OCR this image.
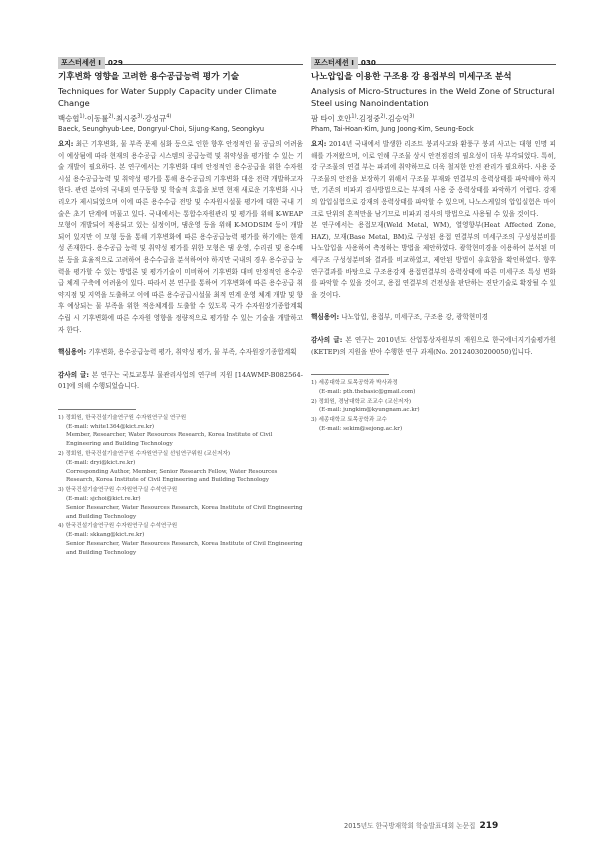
포스터세션 I 029
기후변화 영향을 고려한 용수공급능력 평가 기술
Techniques for Water Supply Capacity under Climate Change
백승협$^{1)}$·이동률$^{2)}$·최시중$^{3)}$·강성규$^{4)}$
Baeck, Seunghyub·Lee, Dongryul·Choi, Sijung·Kang, Seongkyu

요지: 최근 기후변화, 물 부족 문제 심화 등으로 인한 향후 안정적인 물 공급의 어려움이 예상됨에 따라 현재의 용수공급 시스템의 공급능력 및 취약성을 평가할 수 있는 기술 개발이 필요하다. 본 연구에서는 기후변화 대비 안정적인 용수공급을 위한 수자원시설 용수공급능력 및 취약성 평가를 통해 용수공급의 기후변화 대응 전략 개발하고자 한다. 관련 분야의 국내외 연구동향 및 학술적 흐름을 보면 현재 새로운 기후변화 시나리오가 제시되었으며 이에 따른 용수수급 전망 및 수자원시설물 평가에 대한 국내 기술은 초기 단계에 머물고 있다. 국내에서는 통합수자원관리 및 평가를 위해 K-WEAP 모형이 개발되어 적용되고 있는 실정이며, 댐운영 등을 위해 K-MODSIM 등이 개발되어 있지만 이 모형 등을 통해 기후변화에 따른 용수공급능력 평가를 하기에는 한계성 존재한다. 용수공급 능력 및 취약성 평가를 위한 모형은 댐 운영, 수리권 및 용수배분 등을 효율적으로 고려하여 용수수급을 분석하여야 하지만 국내의 경우 용수공급 능력을 평가할 수 있는 방법론 및 평가기술이 미비하여 기후변화 대비 안정적인 용수공급 체계 구축에 어려움이 있다. 따라서 본 연구를 통하여 기후변화에 따른 용수공급 취약지점 및 지역을 도출하고 이에 따른 용수공급시설물 최적 연계 운영 체계 개발 및 향후 예상되는 물 부족을 위한 적응체계를 도출할 수 있도록 국가 수자원장기종합계획 수립 시 기후변화에 따른 수자원 영향을 정량적으로 평가할 수 있는 기술을 개발하고자 한다.

핵심용어: 기후변화, 용수공급능력 평가, 취약성 평가, 물 부족, 수자원장기종합계획

감사의 글: 본 연구는 국토교통부 물관리사업의 연구비 지원 [14AWMP-B082564-01]에 의해 수행되었습니다.

1) 정회원, 한국건설기술연구원 수자원연구실 연구원
(E-mail: white1364@kict.re.kr)
Member, Researcher, Water Resources Research, Korea Institute of Civil Engineering and Building Technology
2) 정회원, 한국건설기술연구원 수자원연구실 선임연구위원 (교신저자)
(E-mail: dryi@kict.re.kr)
Corresponding Author, Member, Senior Research Fellow, Water Resources Research, Korea Institute of Civil Engineering and Building Technology
3) 한국건설기술연구원 수자원연구실 수석연구원
(E-mail: sjchoi@kict.re.kr)
Senior Researcher, Water Resources Research, Korea Institute of Civil Engineering and Building Technology
4) 한국건설기술연구원 수자원연구실 수석연구원
(E-mail: skkang@kict.re.kr)
Senior Researcher, Water Resources Research, Korea Institute of Civil Engineering and Building Technology
포스터세션 I 030
나노압입을 이용한 구조용 강 용접부의 미세구조 분석
Analysis of Micro-Structures in the Weld Zone of Structural Steel using Nanoindentation
팜 타이 호안$^{1)}$·김정중$^{2)}$·김승억$^{3)}$
Pham, Tai-Hoan·Kim, Jung Joong·Kim, Seung-Eock

요지: 2014년 국내에서 발생한 리조트 붕괴사고와 환풍구 붕괴 사고는 대형 인명 피해를 가져왔으며, 이로 인해 구조물 상시 안전점검의 필요성이 더욱 부각되었다. 특히, 강 구조물의 연결 부는 파괴에 취약하므로 더욱 철저한 안전 관리가 필요하다. 사용 중 구조물의 안전을 보장하기 위해서 구조물 부재와 연결부의 응력상태를 파악해야 하지만, 기존의 비파괴 검사방법으로는 부재의 사용 중 응력상태를 파악하기 어렵다. 강재의 압입실험으로 강재의 응력상태를 파악할 수 있으며, 나노스케일의 압입실험은 마이크로 단위의 흔적만을 남기므로 비파괴 검사의 방법으로 사용될 수 있을 것이다.

본 연구에서는 용접모재(Weld Metal, WM), 열영향부(Heat Affected Zone, HAZ), 모재(Base Metal, BM)로 구성된 용접 연결부의 미세구조의 구성성분비를 나노압입을 사용하여 측정하는 방법을 제안하였다. 광학현미경을 이용하여 분석된 미세구조 구성성분비와 결과를 비교하였고, 제안된 방법이 유효함을 확인하였다. 향후 연구결과를 바탕으로 구조용강재 용접연결부의 응력상태에 따른 미세구조 특성 변화를 파악할 수 있을 것이고, 용접 연결부의 건전성을 판단하는 진단기술로 확장될 수 있을 것이다.

핵심용어: 나노압입, 용접부, 미세구조, 구조용 강, 광학현미경

감사의 글: 본 연구는 2010년도 산업통상자원부의 재원으로 한국에너지기술평가원(KETEP)의 지원을 받아 수행한 연구 과제(No. 20124030200050)입니다.

1) 세종대학교 토목공학과 박사과정
(E-mail: pth.thebasic@gmail.com)
2) 정회원, 경남대학교 조교수 (교신저자)
(E-mail: jungkim@kyungnam.ac.kr)
3) 세종대학교 토목공학과 교수
(E-mail: sekim@sejong.ac.kr)
2015년도 한국방재학회 학술발표대회 논문집 219
